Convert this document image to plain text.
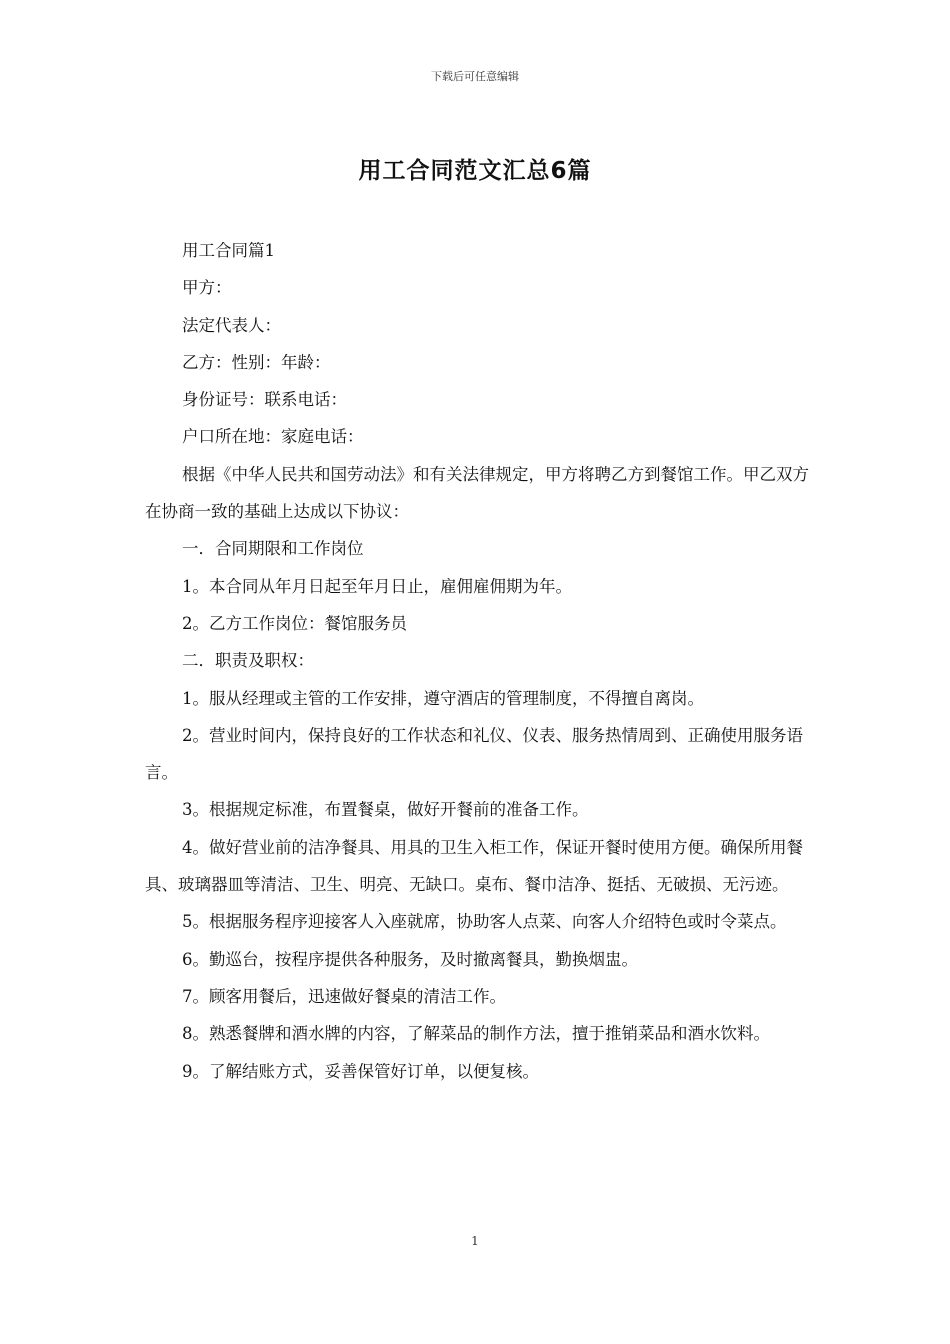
下载后可任意编辑
用工合同范文汇总6篇

用工合同篇1

甲方：

法定代表人：

乙方：性别：年龄：

身份证号：联系电话：

户口所在地：家庭电话：

根据《中华人民共和国劳动法》和有关法律规定，甲方将聘乙方到餐馆工作。甲乙双方在协商一致的基础上达成以下协议：

一．合同期限和工作岗位

1。本合同从年月日起至年月日止，雇佣雇佣期为年。

2。乙方工作岗位：餐馆服务员

二．职责及职权：

1。服从经理或主管的工作安排，遵守酒店的管理制度，不得擅自离岗。

2。营业时间内，保持良好的工作状态和礼仪、仪表、服务热情周到、正确使用服务语言。

3。根据规定标准，布置餐桌，做好开餐前的准备工作。

4。做好营业前的洁净餐具、用具的卫生入柜工作，保证开餐时使用方便。确保所用餐具、玻璃器皿等清洁、卫生、明亮、无缺口。桌布、餐巾洁净、挺括、无破损、无污迹。

5。根据服务程序迎接客人入座就席，协助客人点菜、向客人介绍特色或时令菜点。

6。勤巡台，按程序提供各种服务，及时撤离餐具，勤换烟盅。

7。顾客用餐后，迅速做好餐桌的清洁工作。

8。熟悉餐牌和酒水牌的内容，了解菜品的制作方法，擅于推销菜品和酒水饮料。

9。了解结账方式，妥善保管好订单，以便复核。

1
